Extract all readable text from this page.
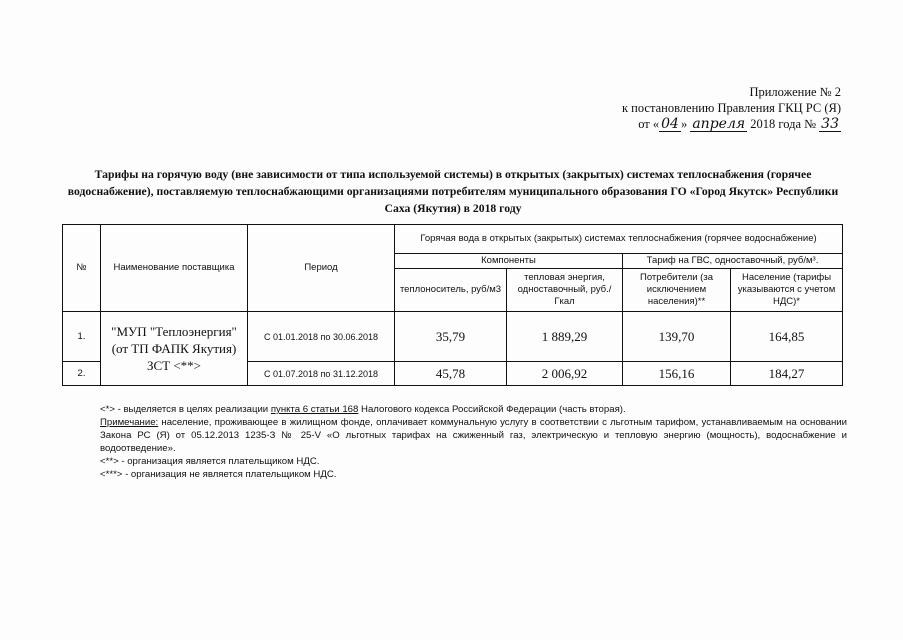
Приложение № 2
к постановлению Правления ГКЦ РС (Я)
от « 04 » апреля 2018 года № 33
Тарифы на горячую воду (вне зависимости от типа используемой системы) в открытых (закрытых) системах теплоснабжения (горячее водоснабжение), поставляемую теплоснабжающими организациями потребителям муниципального образования ГО «Город Якутск» Республики Саха (Якутия) в 2018 году
№	Наименование поставщика	Период	Горячая вода в открытых (закрытых) системах теплоснабжения (горячее водоснабжение)			
			Компоненты		Тариф на ГВС, одноставочный, руб/м³.	
			теплоноситель, руб/м3	тепловая энергия, одноставочный, руб./Гкал	Потребители (за исключением населения)**	Население (тарифы указываются с учетом НДС)*
1.	"МУП "Теплоэнергия" (от ТП ФАПК Якутия) ЗСТ <**>	С 01.01.2018 по 30.06.2018	35,79	1 889,29	139,70	164,85
2.		С 01.07.2018 по 31.12.2018	45,78	2 006,92	156,16	184,27

<*> - выделяется в целях реализации пункта 6 статьи 168 Налогового кодекса Российской Федерации (часть вторая).

Примечание: население, проживающее в жилищном фонде, оплачивает коммунальную услугу в соответствии с льготным тарифом, устанавливаемым на основании Закона РС (Я) от 05.12.2013 1235-З № 25-V «О льготных тарифах на сжиженный газ, электрическую и тепловую энергию (мощность), водоснабжение и водоотведение».

<**> - организация является плательщиком НДС.

<***> - организация не является плательщиком НДС.
